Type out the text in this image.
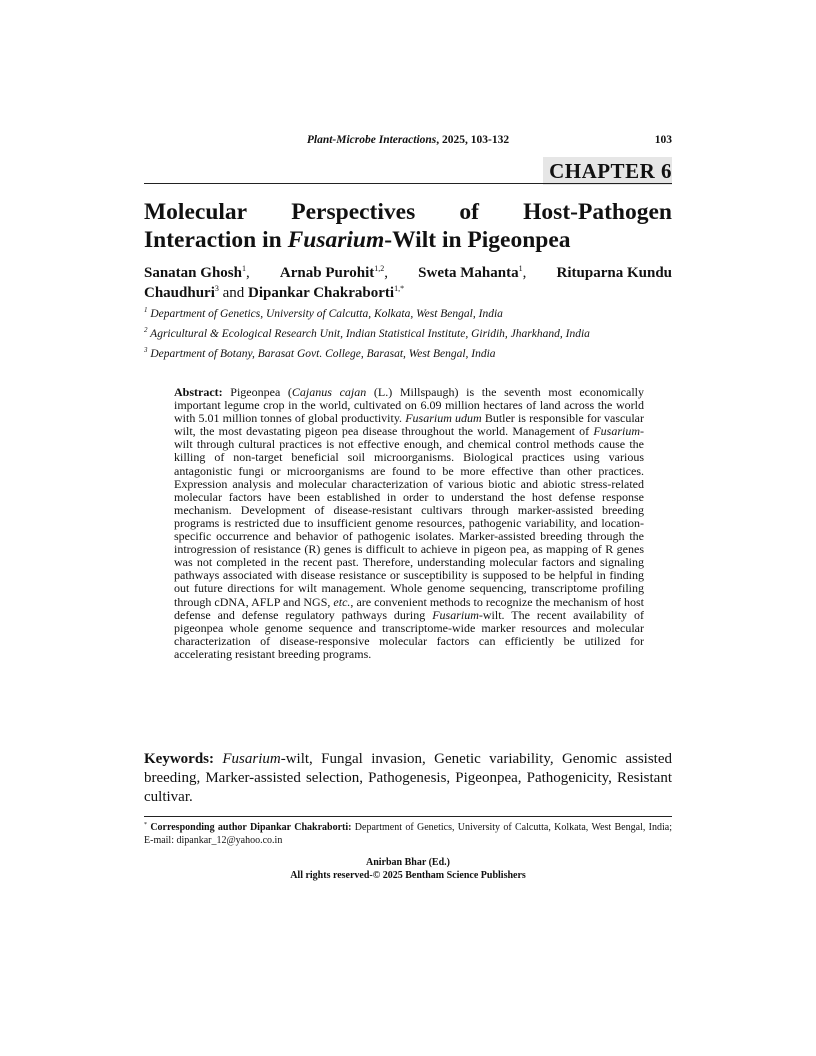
Plant-Microbe Interactions, 2025, 103-132	103
CHAPTER 6
Molecular Perspectives of Host-Pathogen
Interaction in Fusarium-Wilt in Pigeonpea
Sanatan Ghosh$^1$, Arnab Purohit$^{1,2}$, Sweta Mahanta$^1$, Rituparna Kundu
Chaudhuri$^3$ and Dipankar Chakraborti$^{1,*}$
$^1$ Department of Genetics, University of Calcutta, Kolkata, West Bengal, India
$^2$ Agricultural & Ecological Research Unit, Indian Statistical Institute, Giridih, Jharkhand, India
$^3$ Department of Botany, Barasat Govt. College, Barasat, West Bengal, India
Abstract: Pigeonpea (Cajanus cajan (L.) Millspaugh) is the seventh most economically important legume crop in the world, cultivated on 6.09 million hectares of land across the world with 5.01 million tonnes of global productivity. Fusarium udum Butler is responsible for vascular wilt, the most devastating pigeon pea disease throughout the world. Management of Fusarium-wilt through cultural practices is not effective enough, and chemical control methods cause the killing of non-target beneficial soil microorganisms. Biological practices using various antagonistic fungi or microorganisms are found to be more effective than other practices. Expression analysis and molecular characterization of various biotic and abiotic stress-related molecular factors have been established in order to understand the host defense response mechanism. Development of disease-resistant cultivars through marker-assisted breeding programs is restricted due to insufficient genome resources, pathogenic variability, and location-specific occurrence and behavior of pathogenic isolates. Marker-assisted breeding through the introgression of resistance (R) genes is difficult to achieve in pigeon pea, as mapping of R genes was not completed in the recent past. Therefore, understanding molecular factors and signaling pathways associated with disease resistance or susceptibility is supposed to be helpful in finding out future directions for wilt management. Whole genome sequencing, transcriptome profiling through cDNA, AFLP and NGS, etc., are convenient methods to recognize the mechanism of host defense and defense regulatory pathways during Fusarium-wilt. The recent availability of pigeonpea whole genome sequence and transcriptome-wide marker resources and molecular characterization of disease-responsive molecular factors can efficiently be utilized for accelerating resistant breeding programs.
Keywords: Fusarium-wilt, Fungal invasion, Genetic variability, Genomic assisted breeding, Marker-assisted selection, Pathogenesis, Pigeonpea, Pathogenicity, Resistant cultivar.
* Corresponding author Dipankar Chakraborti: Department of Genetics, University of Calcutta, Kolkata, West Bengal, India; E-mail: dipankar_12@yahoo.co.in
Anirban Bhar (Ed.)
All rights reserved-© 2025 Bentham Science Publishers
